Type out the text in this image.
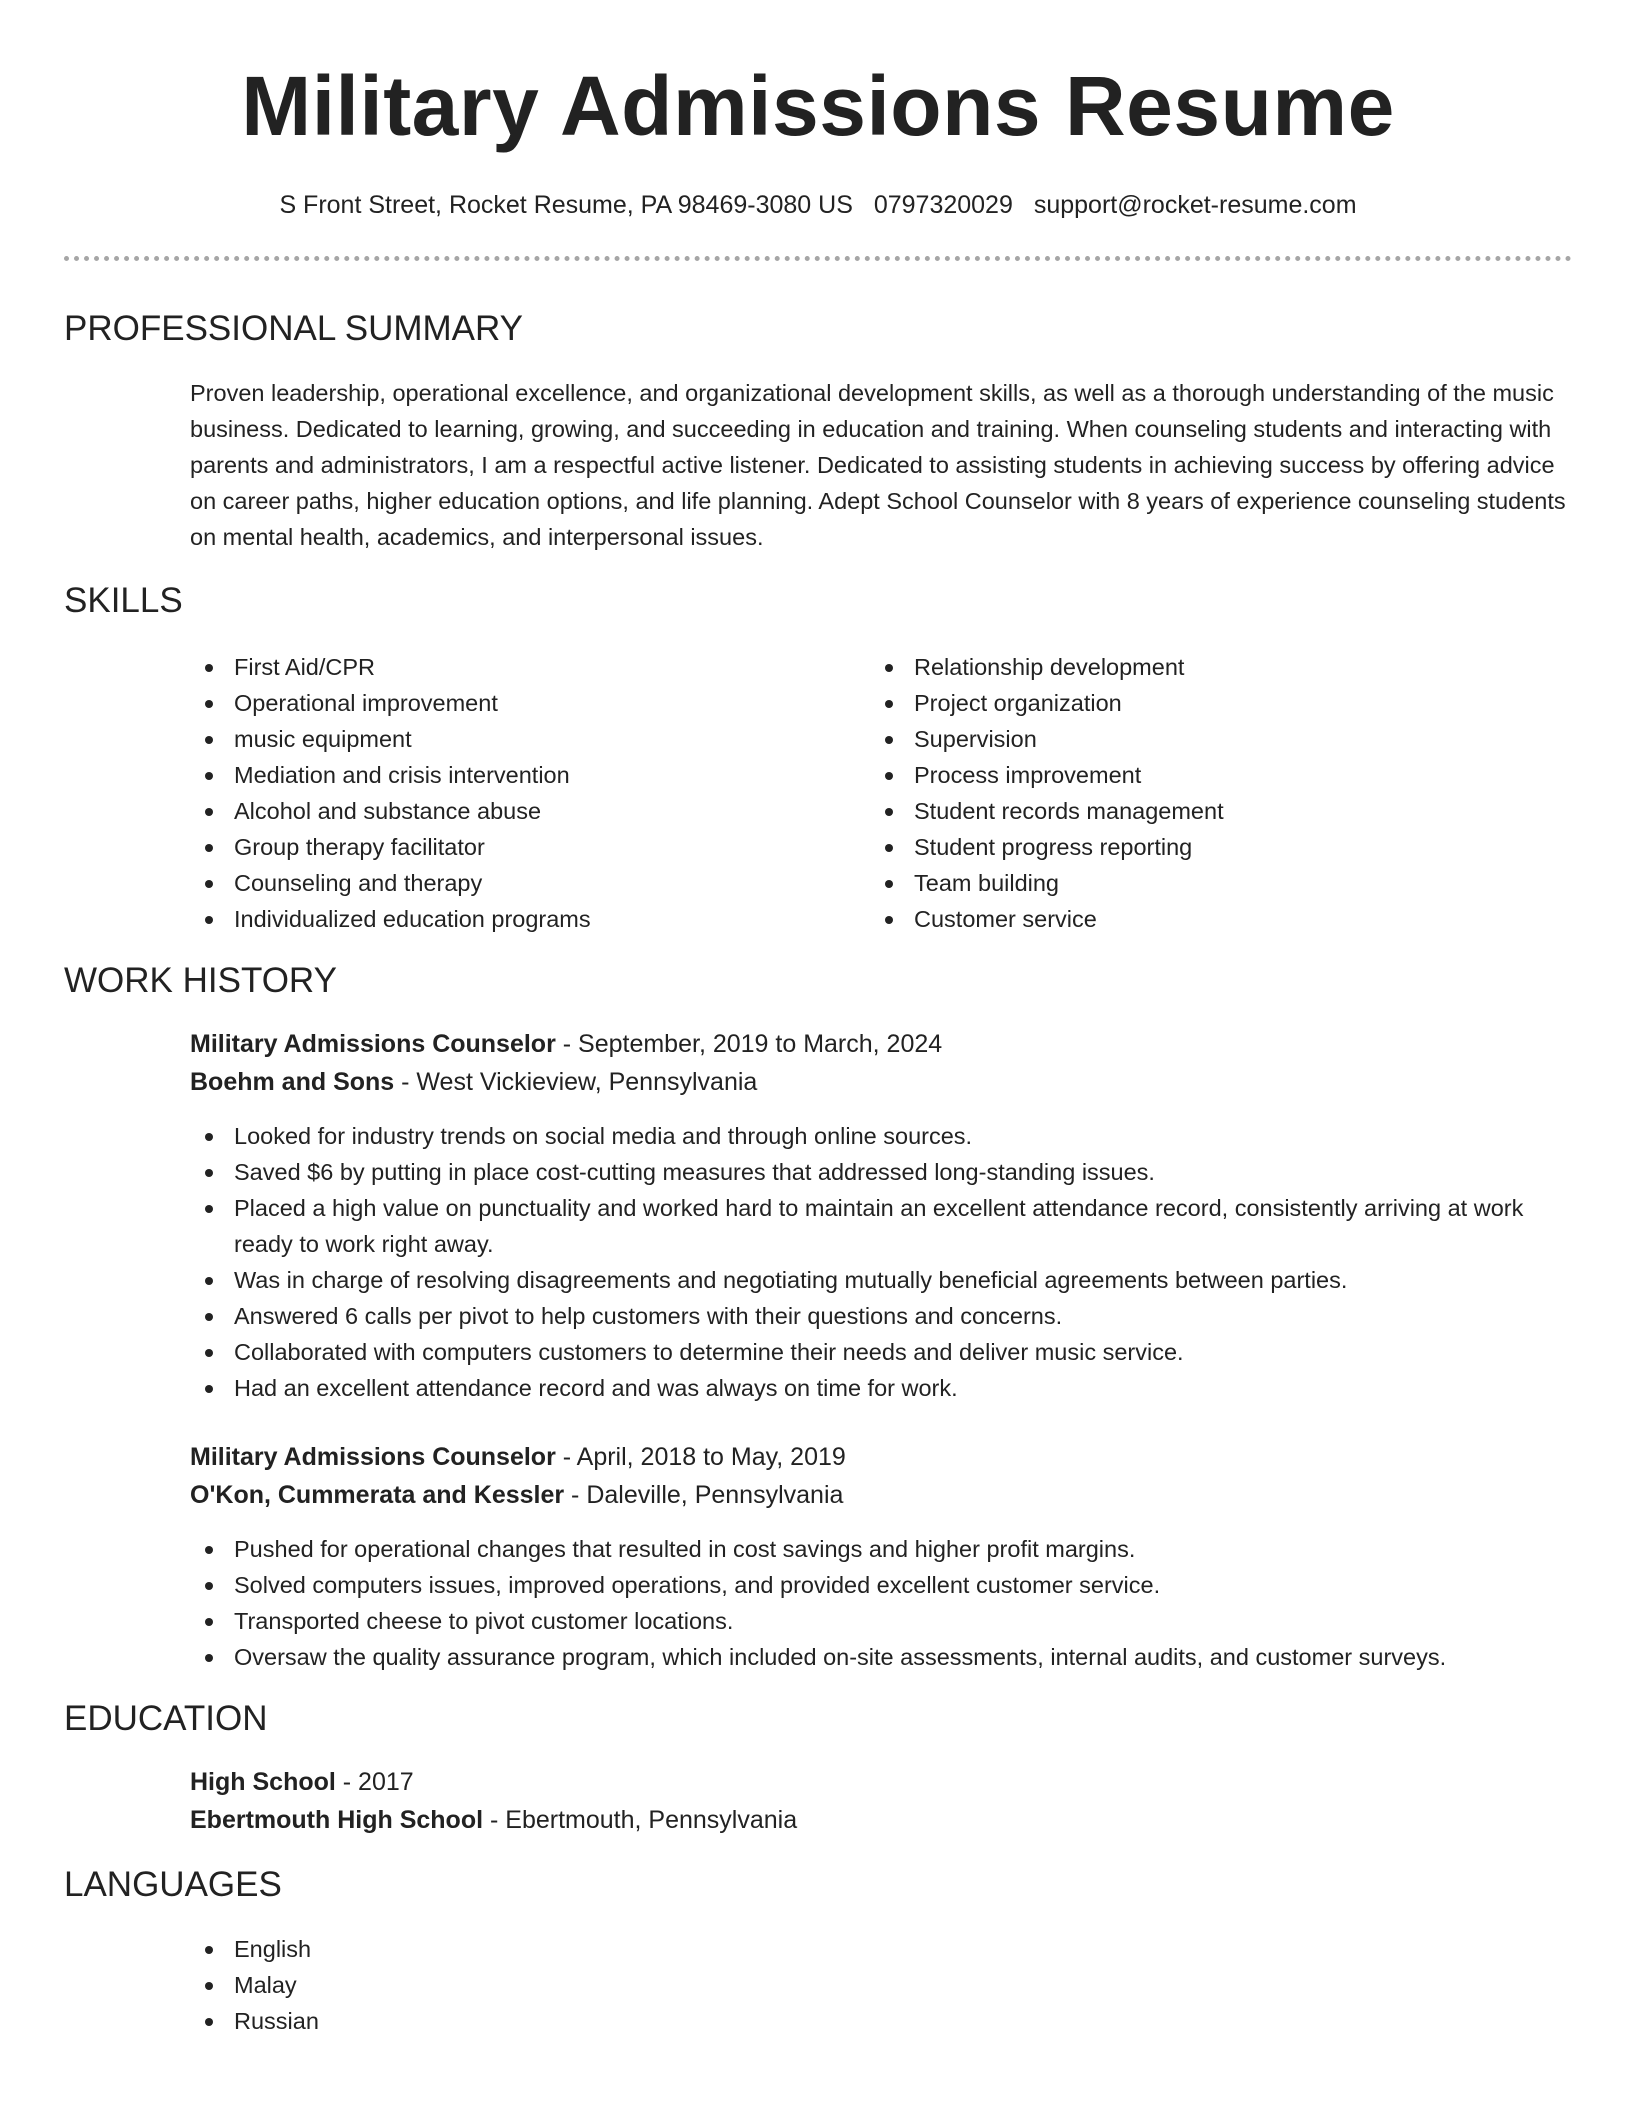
Military Admissions Resume
S Front Street, Rocket Resume, PA 98469-3080 US 0797320029 support@rocket-resume.com
PROFESSIONAL SUMMARY
Proven leadership, operational excellence, and organizational development skills, as well as a thorough understanding of the music business. Dedicated to learning, growing, and succeeding in education and training. When counseling students and interacting with parents and administrators, I am a respectful active listener. Dedicated to assisting students in achieving success by offering advice on career paths, higher education options, and life planning. Adept School Counselor with 8 years of experience counseling students on mental health, academics, and interpersonal issues.
SKILLS
First Aid/CPR
Operational improvement
music equipment
Mediation and crisis intervention
Alcohol and substance abuse
Group therapy facilitator
Counseling and therapy
Individualized education programs
Relationship development
Project organization
Supervision
Process improvement
Student records management
Student progress reporting
Team building
Customer service
WORK HISTORY
Military Admissions Counselor - September, 2019 to March, 2024
Boehm and Sons - West Vickieview, Pennsylvania
Looked for industry trends on social media and through online sources.
Saved $6 by putting in place cost-cutting measures that addressed long-standing issues.
Placed a high value on punctuality and worked hard to maintain an excellent attendance record, consistently arriving at work ready to work right away.
Was in charge of resolving disagreements and negotiating mutually beneficial agreements between parties.
Answered 6 calls per pivot to help customers with their questions and concerns.
Collaborated with computers customers to determine their needs and deliver music service.
Had an excellent attendance record and was always on time for work.
Military Admissions Counselor - April, 2018 to May, 2019
O'Kon, Cummerata and Kessler - Daleville, Pennsylvania
Pushed for operational changes that resulted in cost savings and higher profit margins.
Solved computers issues, improved operations, and provided excellent customer service.
Transported cheese to pivot customer locations.
Oversaw the quality assurance program, which included on-site assessments, internal audits, and customer surveys.
EDUCATION
High School - 2017
Ebertmouth High School - Ebertmouth, Pennsylvania
LANGUAGES
English
Malay
Russian
